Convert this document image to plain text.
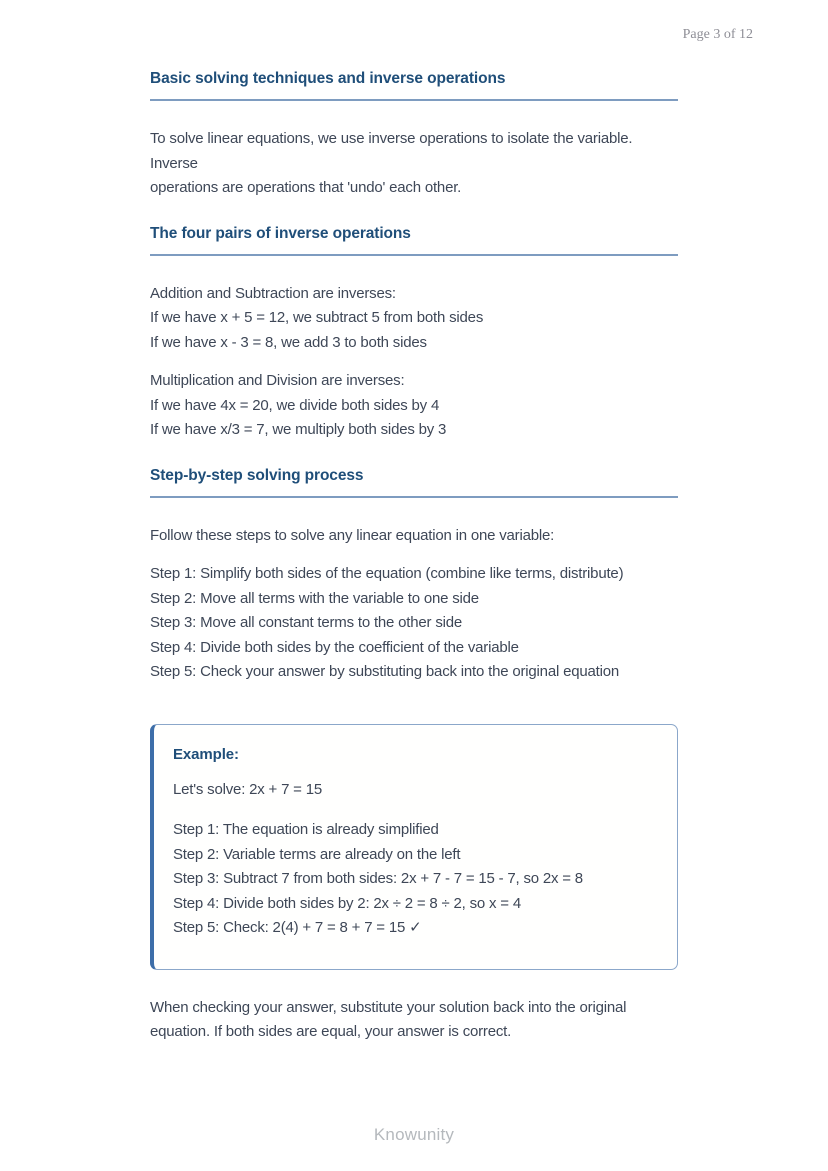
Page 3 of 12
Basic solving techniques and inverse operations
To solve linear equations, we use inverse operations to isolate the variable. Inverse
operations are operations that 'undo' each other.
The four pairs of inverse operations
Addition and Subtraction are inverses:
If we have x + 5 = 12, we subtract 5 from both sides
If we have x - 3 = 8, we add 3 to both sides
Multiplication and Division are inverses:
If we have 4x = 20, we divide both sides by 4
If we have x/3 = 7, we multiply both sides by 3
Step-by-step solving process
Follow these steps to solve any linear equation in one variable:
Step 1: Simplify both sides of the equation (combine like terms, distribute)
Step 2: Move all terms with the variable to one side
Step 3: Move all constant terms to the other side
Step 4: Divide both sides by the coefficient of the variable
Step 5: Check your answer by substituting back into the original equation
Example:
Let's solve: 2x + 7 = 15
Step 1: The equation is already simplified
Step 2: Variable terms are already on the left
Step 3: Subtract 7 from both sides: 2x + 7 - 7 = 15 - 7, so 2x = 8
Step 4: Divide both sides by 2: 2x ÷ 2 = 8 ÷ 2, so x = 4
Step 5: Check: 2(4) + 7 = 8 + 7 = 15 ✓
When checking your answer, substitute your solution back into the original
equation. If both sides are equal, your answer is correct.
Knowunity
